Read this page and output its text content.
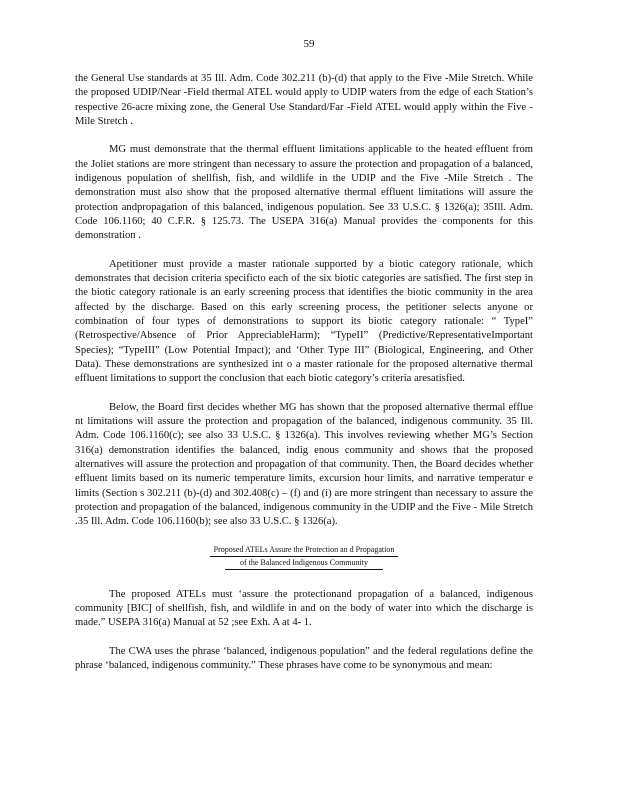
59

the General Use standards at 35 Ill. Adm. Code 302.211 (b)-(d) that apply to the Five -Mile Stretch. While the proposed UDIP/Near -Field thermal ATEL would apply to UDIP waters from the edge of each Station’s respective 26-acre mixing zone, the General Use Standard/Far -Field ATEL would apply within the Five -Mile Stretch .

MG must demonstrate that the thermal effluent limitations applicable to the heated effluent from the Joliet stations are more stringent than necessary to assure the protection and propagation of a balanced, indigenous population of shellfish, fish, and wildlife in the UDIP and the Five -Mile Stretch . The demonstration must also show that the proposed alternative thermal effluent limitations will assure the protection andpropagation of this balanced, indigenous population. See 33 U.S.C. § 1326(a); 35Ill. Adm. Code 106.1160; 40 C.F.R. § 125.73. The USEPA 316(a) Manual provides the components for this demonstration .

Apetitioner must provide a master rationale supported by a biotic category rationale, which demonstrates that decision criteria specificto each of the six biotic categories are satisfied. The first step in the biotic category rationale is an early screening process that identifies the biotic community in the area affected by the discharge. Based on this early screening process, the petitioner selects anyone or combination of four types of demonstrations to support its biotic category rationale: “ TypeI” (Retrospective/Absence of Prior AppreciableHarm); “TypeII” (Predictive/RepresentativeImportant Species); “TypeIII” (Low Potential Impact); and ‘Other Type III” (Biological, Engineering, and Other Data). These demonstrations are synthesized int o a master rationale for the proposed alternative thermal effluent limitations to support the conclusion that each biotic category’s criteria aresatisfied.

Below, the Board first decides whether MG has shown that the proposed alternative thermal efflue nt limitations will assure the protection and propagation of the balanced, indigenous community. 35 Ill. Adm. Code 106.1160(c); see also 33 U.S.C. § 1326(a). This involves reviewing whether MG’s Section 316(a) demonstration identifies the balanced, indig enous community and shows that the proposed alternatives will assure the protection and propagation of that community. Then, the Board decides whether effluent limits based on its numeric temperature limits, excursion hour limits, and narrative temperatur e limits (Section s 302.211 (b)-(d) and 302.408(c) – (f) and (i) are more stringent than necessary to assure the protection and propagation of the balanced, indigenous community in the UDIP and the Five - Mile Stretch .35 Ill. Adm. Code 106.1160(b); see also 33 U.S.C. § 1326(a).

Proposed ATELs Assure the Protection an d Propagation
of the Balanced Indigenous Community

The proposed ATELs must ‘assure the protectionand propagation of a balanced, indigenous community [BIC] of shellfish, fish, and wildlife in and on the body of water into which the discharge is made.” USEPA 316(a) Manual at 52 ;see Exh. A at 4- 1.

The CWA uses the phrase ‘balanced, indigenous population” and the federal regulations define the phrase ‘balanced, indigenous community.” These phrases have come to be synonymous and mean:
